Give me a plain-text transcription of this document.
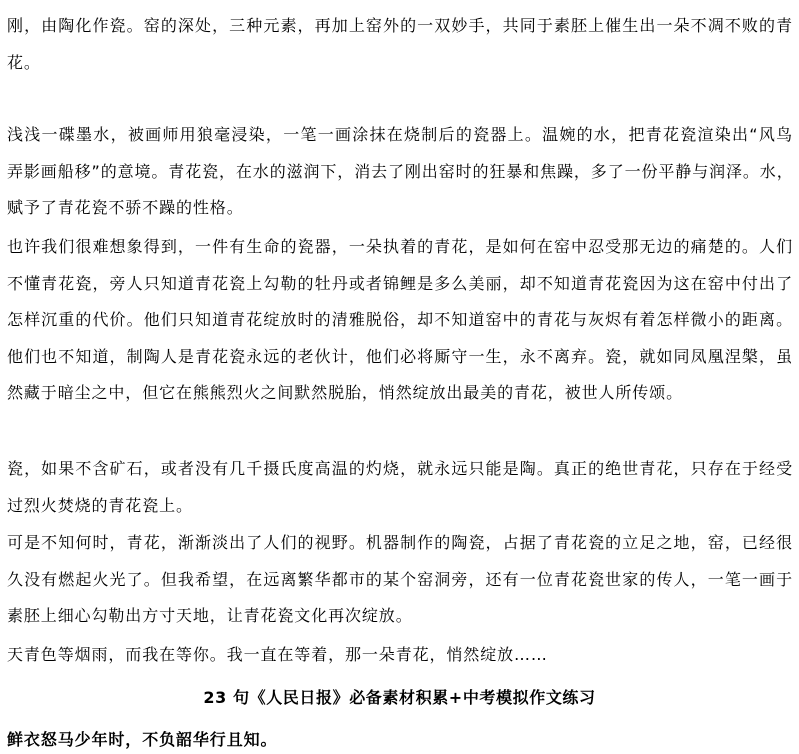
刚，由陶化作瓷。窑的深处，三种元素，再加上窑外的一双妙手，共同于素胚上催生出一朵不凋不败的青
花。
浅浅一碟墨水，被画师用狼毫浸染，一笔一画涂抹在烧制后的瓷器上。温婉的水，把青花瓷渲染出“风鸟
弄影画船移”的意境。青花瓷，在水的滋润下，消去了刚出窑时的狂暴和焦躁，多了一份平静与润泽。水，
赋予了青花瓷不骄不躁的性格。
也许我们很难想象得到，一件有生命的瓷器，一朵执着的青花，是如何在窑中忍受那无边的痛楚的。人们
不懂青花瓷，旁人只知道青花瓷上勾勒的牡丹或者锦鲤是多么美丽，却不知道青花瓷因为这在窑中付出了
怎样沉重的代价。他们只知道青花绽放时的清雅脱俗，却不知道窑中的青花与灰烬有着怎样微小的距离。
他们也不知道，制陶人是青花瓷永远的老伙计，他们必将厮守一生，永不离弃。瓷，就如同凤凰涅槃，虽
然藏于暗尘之中，但它在熊熊烈火之间默然脱胎，悄然绽放出最美的青花，被世人所传颂。
瓷，如果不含矿石，或者没有几千摄氏度高温的灼烧，就永远只能是陶。真正的绝世青花，只存在于经受
过烈火焚烧的青花瓷上。
可是不知何时，青花，渐渐淡出了人们的视野。机器制作的陶瓷，占据了青花瓷的立足之地，窑，已经很
久没有燃起火光了。但我希望，在远离繁华都市的某个窑洞旁，还有一位青花瓷世家的传人，一笔一画于
素胚上细心勾勒出方寸天地，让青花瓷文化再次绽放。
天青色等烟雨，而我在等你。我一直在等着，那一朵青花，悄然绽放……
23 句《人民日报》必备素材积累+中考模拟作文练习
鲜衣怒马少年时，不负韶华行且知。
